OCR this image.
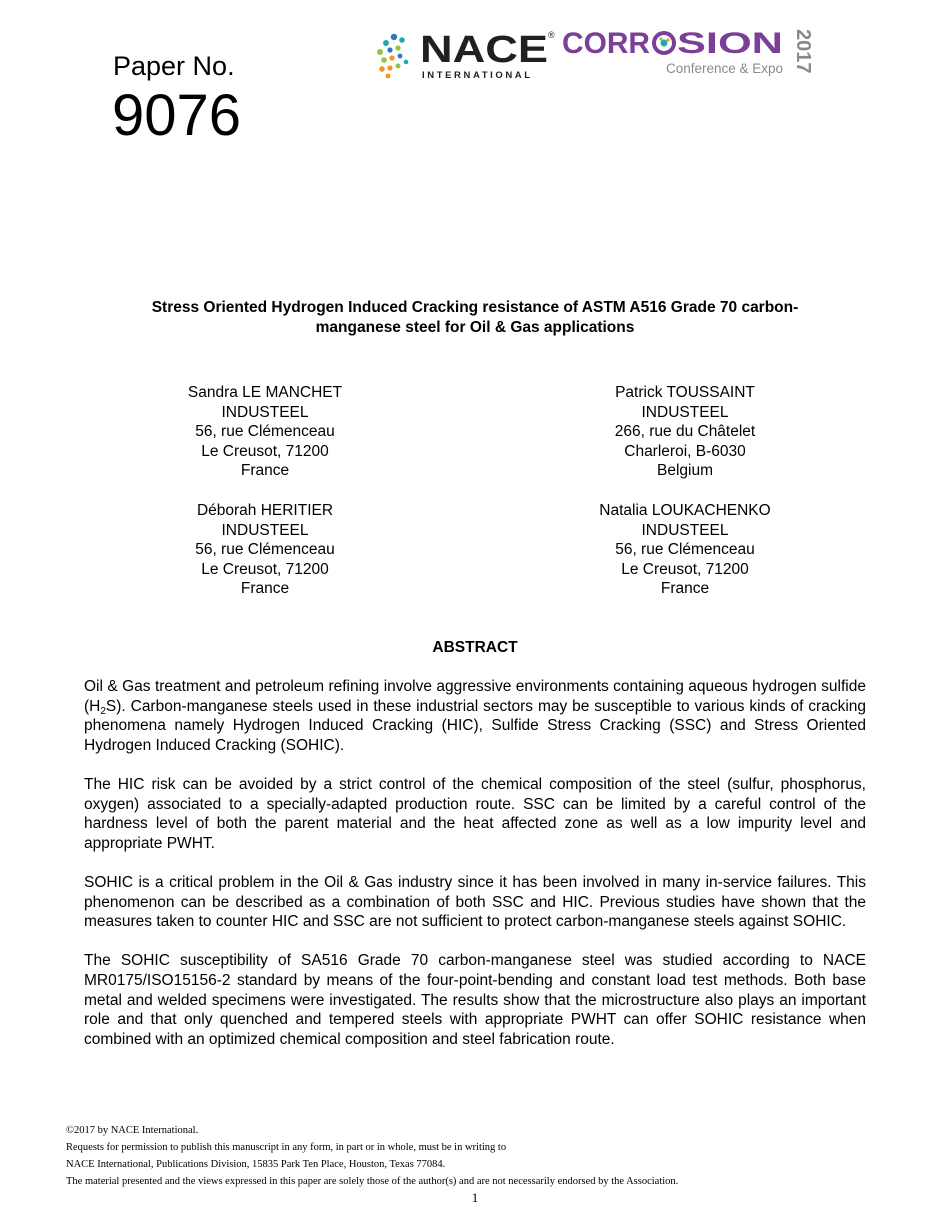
Paper No.
9076
NACE ®
INTERNATIONAL
CORR SION
Conference & Expo 2017
Stress Oriented Hydrogen Induced Cracking resistance of ASTM A516 Grade 70 carbon-
manganese steel for Oil & Gas applications
Sandra LE MANCHET
INDUSTEEL
56, rue Clémenceau
Le Creusot, 71200
France
Patrick TOUSSAINT
INDUSTEEL
266, rue du Châtelet
Charleroi, B-6030
Belgium
Déborah HERITIER
INDUSTEEL
56, rue Clémenceau
Le Creusot, 71200
France
Natalia LOUKACHENKO
INDUSTEEL
56, rue Clémenceau
Le Creusot, 71200
France
ABSTRACT

Oil & Gas treatment and petroleum refining involve aggressive environments containing aqueous hydrogen sulfide $(H_2S)$. Carbon-manganese steels used in these industrial sectors may be susceptible to various kinds of cracking phenomena namely Hydrogen Induced Cracking (HIC), Sulfide Stress Cracking (SSC) and Stress Oriented Hydrogen Induced Cracking (SOHIC).

The HIC risk can be avoided by a strict control of the chemical composition of the steel (sulfur, phosphorus, oxygen) associated to a specially-adapted production route. SSC can be limited by a careful control of the hardness level of both the parent material and the heat affected zone as well as a low impurity level and appropriate PWHT.

SOHIC is a critical problem in the Oil & Gas industry since it has been involved in many in-service failures. This phenomenon can be described as a combination of both SSC and HIC. Previous studies have shown that the measures taken to counter HIC and SSC are not sufficient to protect carbon-manganese steels against SOHIC.

The SOHIC susceptibility of SA516 Grade 70 carbon-manganese steel was studied according to NACE MR0175/ISO15156-2 standard by means of the four-point-bending and constant load test methods. Both base metal and welded specimens were investigated. The results show that the microstructure also plays an important role and that only quenched and tempered steels with appropriate PWHT can offer SOHIC resistance when combined with an optimized chemical composition and steel fabrication route.

©2017 by NACE International.
Requests for permission to publish this manuscript in any form, in part or in whole, must be in writing to
NACE International, Publications Division, 15835 Park Ten Place, Houston, Texas 77084.
The material presented and the views expressed in this paper are solely those of the author(s) and are not necessarily endorsed by the Association.
1
